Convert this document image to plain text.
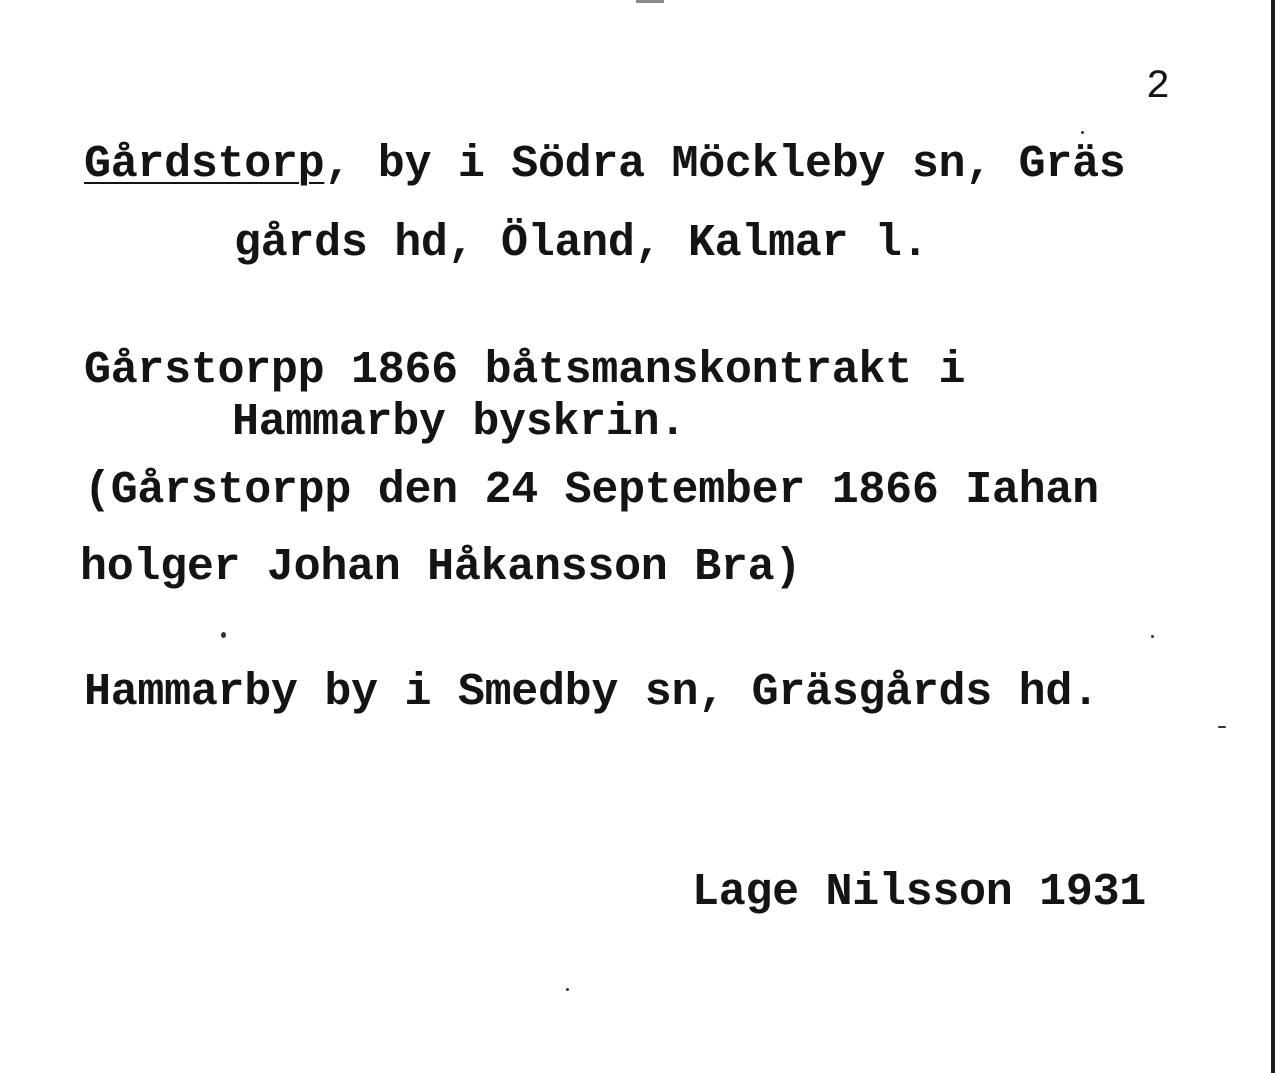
2
Gårdstorp, by i Södra Möckleby sn, Gräs
gårds hd, Öland, Kalmar l.
Gårstorpp 1866 båtsmanskontrakt i
Hammarby byskrin.
(Gårstorpp den 24 September 1866 Iahan
holger Johan Håkansson Bra)
Hammarby by i Smedby sn, Gräsgårds hd.
Lage Nilsson 1931
